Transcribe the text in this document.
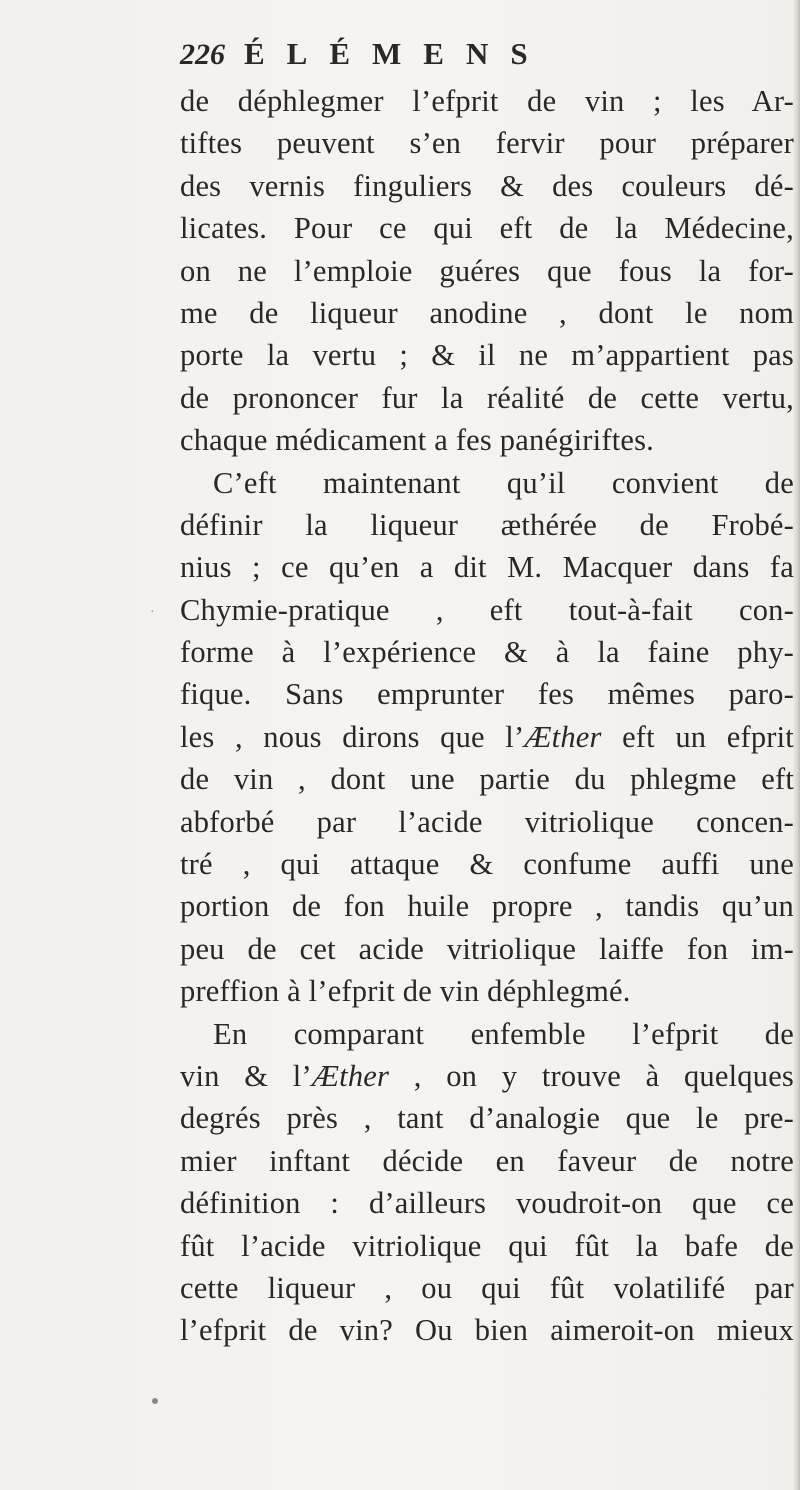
226 ÉLÉMENS
de déphlegmer l’efprit de vin ; les Ar-
tiftes peuvent s’en fervir pour préparer
des vernis finguliers & des couleurs dé-
licates. Pour ce qui eft de la Médecine,
on ne l’emploie guéres que fous la for-
me de liqueur anodine , dont le nom
porte la vertu ; & il ne m’appartient pas
de prononcer fur la réalité de cette vertu,
chaque médicament a fes panégiriftes.
C’eft maintenant qu’il convient de
définir la liqueur æthérée de Frobé-
nius ; ce qu’en a dit M. Macquer dans fa
Chymie-pratique , eft tout-à-fait con-
forme à l’expérience & à la faine phy-
fique. Sans emprunter fes mêmes paro-
les , nous dirons que l’Æther eft un efprit
de vin , dont une partie du phlegme eft
abforbé par l’acide vitriolique concen-
tré , qui attaque & confume auffi une
portion de fon huile propre , tandis qu’un
peu de cet acide vitriolique laiffe fon im-
preffion à l’efprit de vin déphlegmé.
En comparant enfemble l’efprit de
vin & l’Æther , on y trouve à quelques
degrés près , tant d’analogie que le pre-
mier inftant décide en faveur de notre
définition : d’ailleurs voudroit-on que ce
fût l’acide vitriolique qui fût la bafe de
cette liqueur , ou qui fût volatilifé par
l’efprit de vin? Ou bien aimeroit-on mieux
·
